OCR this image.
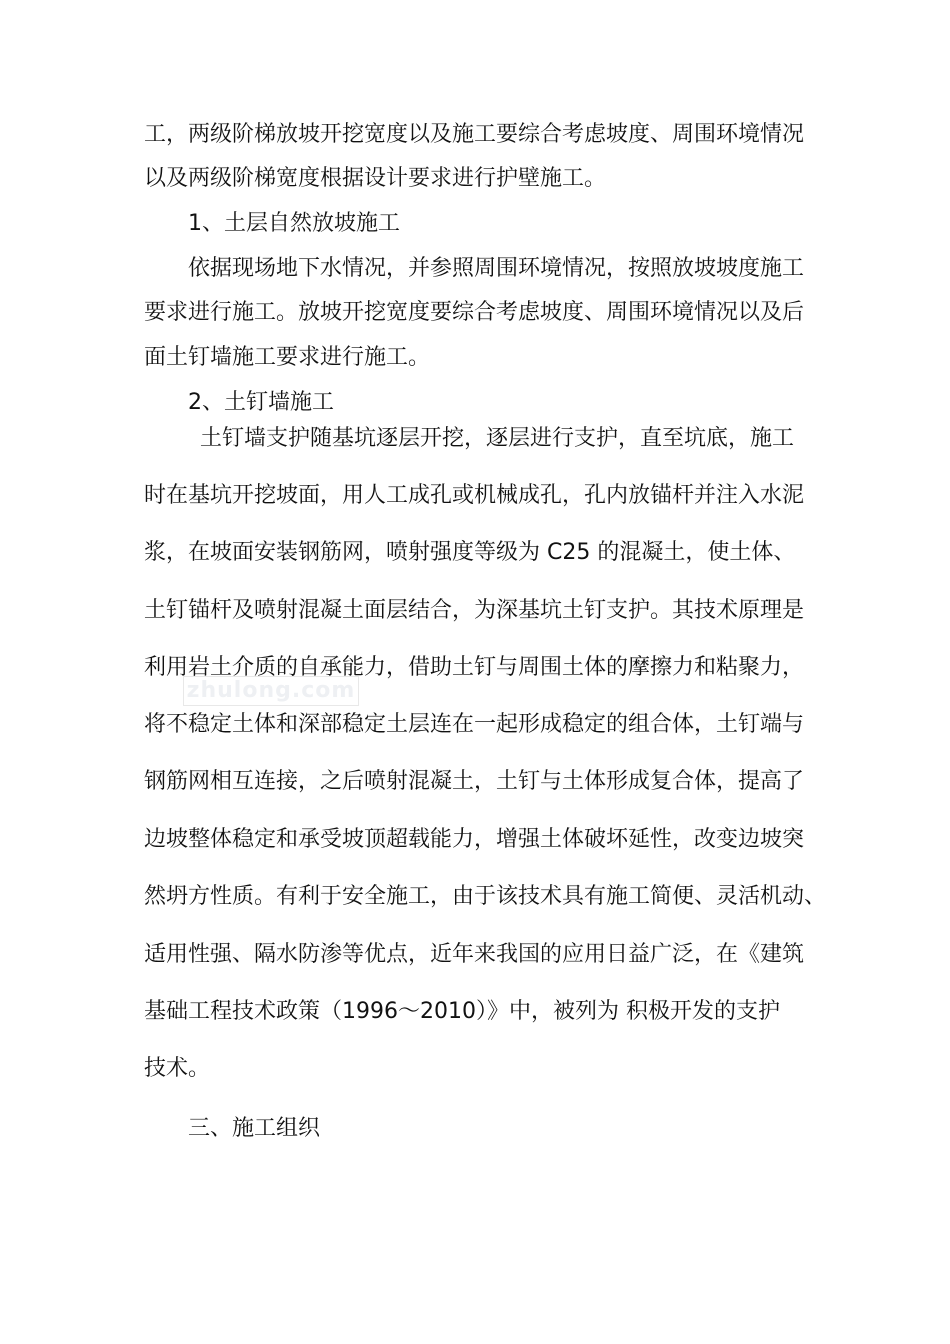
工，两级阶梯放坡开挖宽度以及施工要综合考虑坡度、周围环境情况
以及两级阶梯宽度根据设计要求进行护壁施工。
1、土层自然放坡施工
依据现场地下水情况，并参照周围环境情况，按照放坡坡度施工
要求进行施工。放坡开挖宽度要综合考虑坡度、周围环境情况以及后
面土钉墙施工要求进行施工。
2、土钉墙施工
土钉墙支护随基坑逐层开挖，逐层进行支护，直至坑底，施工
时在基坑开挖坡面，用人工成孔或机械成孔，孔内放锚杆并注入水泥
浆，在坡面安装钢筋网，喷射强度等级为 C25 的混凝土，使土体、
土钉锚杆及喷射混凝土面层结合，为深基坑土钉支护。其技术原理是
利用岩土介质的自承能力，借助土钉与周围土体的摩擦力和粘聚力，
将不稳定土体和深部稳定土层连在一起形成稳定的组合体，土钉端与
钢筋网相互连接，之后喷射混凝土，土钉与土体形成复合体，提高了
边坡整体稳定和承受坡顶超载能力，增强土体破坏延性，改变边坡突
然坍方性质。有利于安全施工，由于该技术具有施工简便、灵活机动、
适用性强、隔水防渗等优点，近年来我国的应用日益广泛，在《建筑
基础工程技术政策（1996～2010）》中，被列为 积极开发的支护
技术。
三、施工组织
zhulong.com
